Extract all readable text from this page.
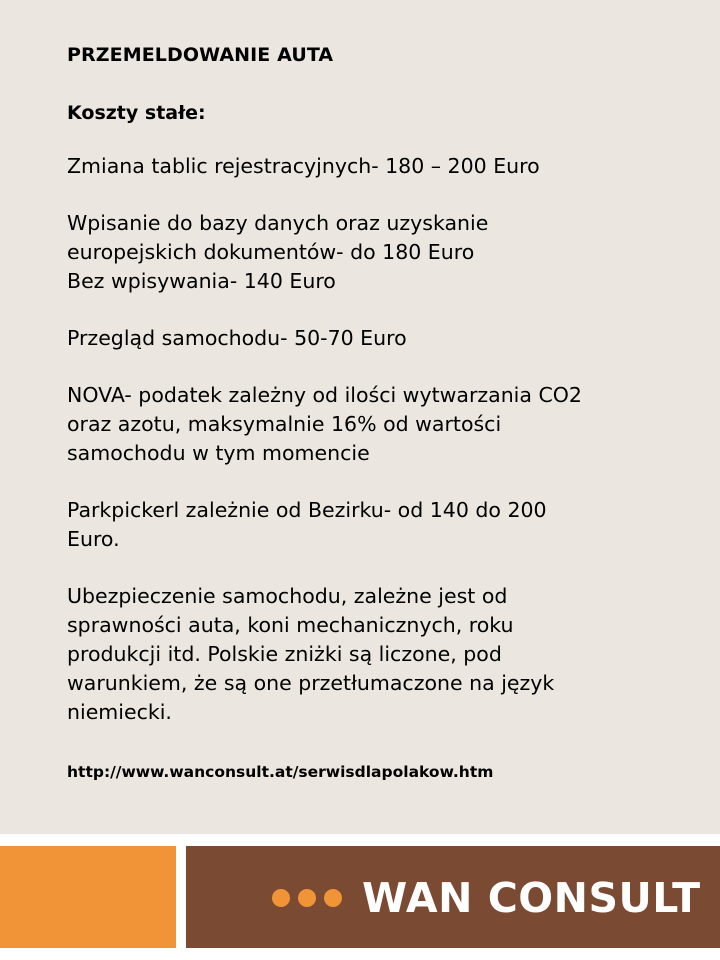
PRZEMELDOWANIE AUTA
Koszty stałe:

Zmiana tablic rejestracyjnych- 180 – 200 Euro

Wpisanie do bazy danych oraz uzyskanie
europejskich dokumentów- do 180 Euro
Bez wpisywania- 140 Euro

Przegląd samochodu- 50-70 Euro

NOVA- podatek zależny od ilości wytwarzania CO2
oraz azotu, maksymalnie 16% od wartości
samochodu w tym momencie

Parkpickerl zależnie od Bezirku- od 140 do 200
Euro.

Ubezpieczenie samochodu, zależne jest od
sprawności auta, koni mechanicznych, roku
produkcji itd. Polskie zniżki są liczone, pod
warunkiem, że są one przetłumaczone na język
niemiecki.

http://www.wanconsult.at/serwisdlapolakow.htm

WAN CONSULT
